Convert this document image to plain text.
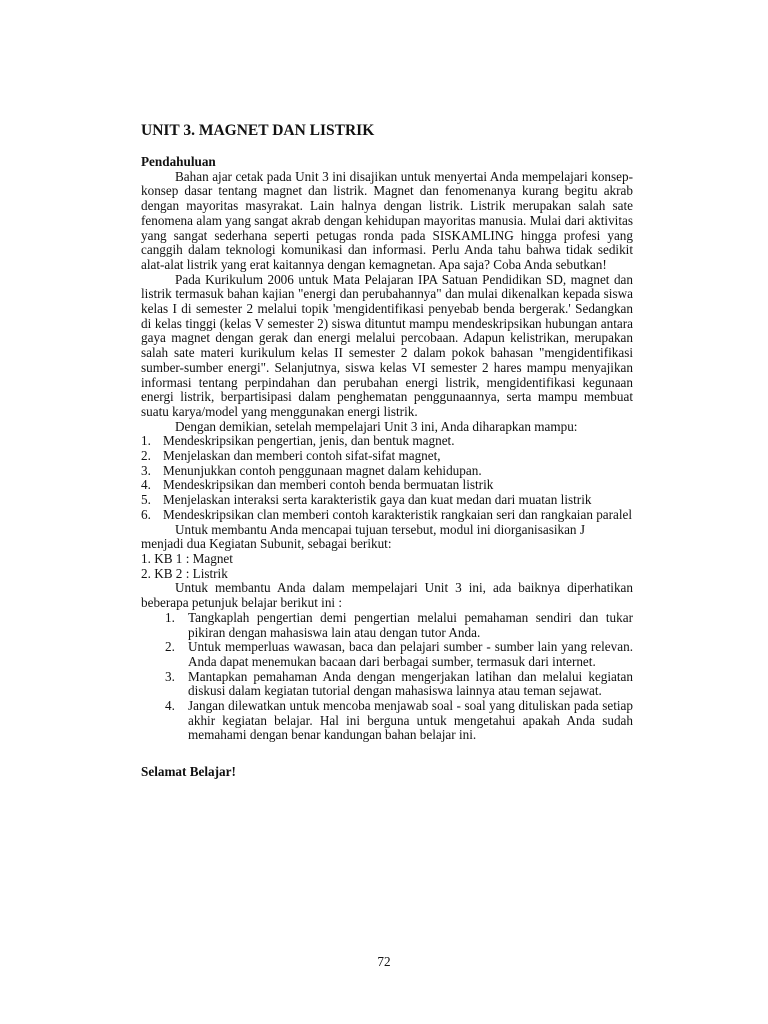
UNIT 3. MAGNET DAN LISTRIK

Pendahuluan

Bahan ajar cetak pada Unit 3 ini disajikan untuk menyertai Anda mempelajari konsep-konsep dasar tentang magnet dan listrik. Magnet dan fenomenanya kurang begitu akrab dengan mayoritas masyrakat. Lain halnya dengan listrik. Listrik merupakan salah sate fenomena alam yang sangat akrab dengan kehidupan mayoritas manusia. Mulai dari aktivitas yang sangat sederhana seperti petugas ronda pada SISKAMLING hingga profesi yang canggih dalam teknologi komunikasi dan informasi. Perlu Anda tahu bahwa tidak sedikit alat-alat listrik yang erat kaitannya dengan kemagnetan. Apa saja? Coba Anda sebutkan!

Pada Kurikulum 2006 untuk Mata Pelajaran IPA Satuan Pendidikan SD, magnet dan listrik termasuk bahan kajian "energi dan perubahannya" dan mulai dikenalkan kepada siswa kelas I di semester 2 melalui topik 'mengidentifikasi penyebab benda bergerak.' Sedangkan di kelas tinggi (kelas V semester 2) siswa dituntut mampu mendeskripsikan hubungan antara gaya magnet dengan gerak dan energi melalui percobaan. Adapun kelistrikan, merupakan salah sate materi kurikulum kelas II semester 2 dalam pokok bahasan "mengidentifikasi sumber-sumber energi". Selanjutnya, siswa kelas VI semester 2 hares mampu menyajikan informasi tentang perpindahan dan perubahan energi listrik, mengidentifikasi kegunaan energi listrik, berpartisipasi dalam penghematan penggunaannya, serta mampu membuat suatu karya/model yang menggunakan energi listrik.

Dengan demikian, setelah mempelajari Unit 3 ini, Anda diharapkan mampu:

1. Mendeskripsikan pengertian, jenis, dan bentuk magnet.
2. Menjelaskan dan memberi contoh sifat-sifat magnet,
3. Menunjukkan contoh penggunaan magnet dalam kehidupan.
4. Mendeskripsikan dan memberi contoh benda bermuatan listrik
5. Menjelaskan interaksi serta karakteristik gaya dan kuat medan dari muatan listrik
6. Mendeskripsikan clan memberi contoh karakteristik rangkaian seri dan rangkaian paralel

Untuk membantu Anda mencapai tujuan tersebut, modul ini diorganisasikan J

menjadi dua Kegiatan Subunit, sebagai berikut:

1. KB 1 : Magnet

2. KB 2 : Listrik

Untuk membantu Anda dalam mempelajari Unit 3 ini, ada baiknya diperhatikan beberapa petunjuk belajar berikut ini :

1. Tangkaplah pengertian demi pengertian melalui pemahaman sendiri dan tukar pikiran dengan mahasiswa lain atau dengan tutor Anda.
2. Untuk memperluas wawasan, baca dan pelajari sumber - sumber lain yang relevan. Anda dapat menemukan bacaan dari berbagai sumber, termasuk dari internet.
3. Mantapkan pemahaman Anda dengan mengerjakan latihan dan melalui kegiatan diskusi dalam kegiatan tutorial dengan mahasiswa lainnya atau teman sejawat.
4. Jangan dilewatkan untuk mencoba menjawab soal - soal yang dituliskan pada setiap akhir kegiatan belajar. Hal ini berguna untuk mengetahui apakah Anda sudah memahami dengan benar kandungan bahan belajar ini.

Selamat Belajar!

72
